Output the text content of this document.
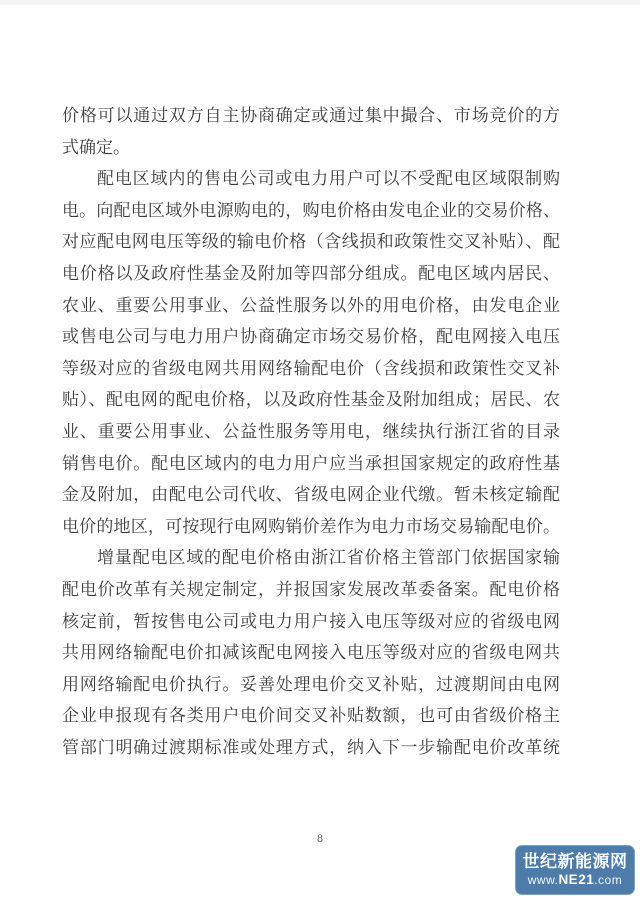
价格可以通过双方自主协商确定或通过集中撮合、市场竞价的方
式确定。
配电区域内的售电公司或电力用户可以不受配电区域限制购
电。向配电区域外电源购电的，购电价格由发电企业的交易价格、
对应配电网电压等级的输电价格（含线损和政策性交叉补贴）、配
电价格以及政府性基金及附加等四部分组成。配电区域内居民、
农业、重要公用事业、公益性服务以外的用电价格，由发电企业
或售电公司与电力用户协商确定市场交易价格，配电网接入电压
等级对应的省级电网共用网络输配电价（含线损和政策性交叉补
贴）、配电网的配电价格，以及政府性基金及附加组成；居民、农
业、重要公用事业、公益性服务等用电，继续执行浙江省的目录
销售电价。配电区域内的电力用户应当承担国家规定的政府性基
金及附加，由配电公司代收、省级电网企业代缴。暂未核定输配
电价的地区，可按现行电网购销价差作为电力市场交易输配电价。
增量配电区域的配电价格由浙江省价格主管部门依据国家输
配电价改革有关规定制定，并报国家发展改革委备案。配电价格
核定前，暂按售电公司或电力用户接入电压等级对应的省级电网
共用网络输配电价扣减该配电网接入电压等级对应的省级电网共
用网络输配电价执行。妥善处理电价交叉补贴，过渡期间由电网
企业申报现有各类用户电价间交叉补贴数额，也可由省级价格主
管部门明确过渡期标准或处理方式，纳入下一步输配电价改革统
8
世纪新能源网
www.NE21.com
